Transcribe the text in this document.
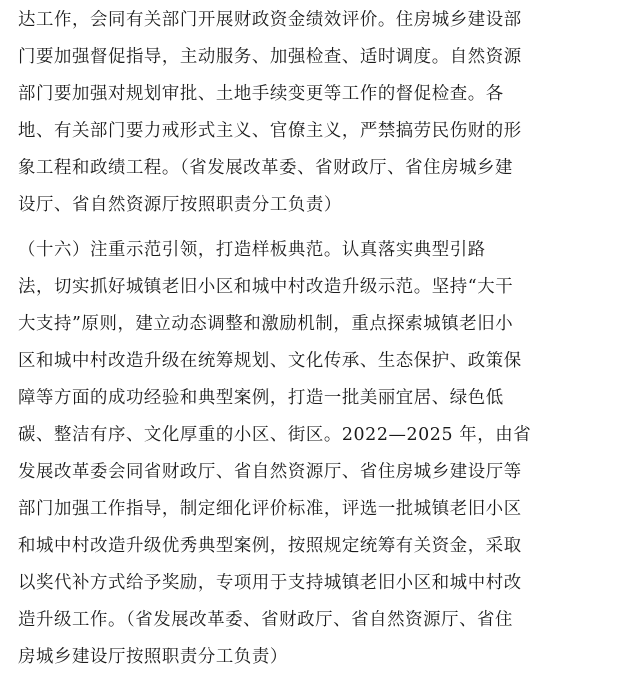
达工作，会同有关部门开展财政资金绩效评价。住房城乡建设部
门要加强督促指导，主动服务、加强检查、适时调度。自然资源
部门要加强对规划审批、土地手续变更等工作的督促检查。各
地、有关部门要力戒形式主义、官僚主义，严禁搞劳民伤财的形
象工程和政绩工程。（省发展改革委、省财政厅、省住房城乡建
设厅、省自然资源厅按照职责分工负责）
（十六）注重示范引领，打造样板典范。认真落实典型引路
法，切实抓好城镇老旧小区和城中村改造升级示范。坚持“大干
大支持”原则，建立动态调整和激励机制，重点探索城镇老旧小
区和城中村改造升级在统筹规划、文化传承、生态保护、政策保
障等方面的成功经验和典型案例，打造一批美丽宜居、绿色低
碳、整洁有序、文化厚重的小区、街区。2022—2025 年，由省
发展改革委会同省财政厅、省自然资源厅、省住房城乡建设厅等
部门加强工作指导，制定细化评价标准，评选一批城镇老旧小区
和城中村改造升级优秀典型案例，按照规定统筹有关资金，采取
以奖代补方式给予奖励，专项用于支持城镇老旧小区和城中村改
造升级工作。（省发展改革委、省财政厅、省自然资源厅、省住
房城乡建设厅按照职责分工负责）
